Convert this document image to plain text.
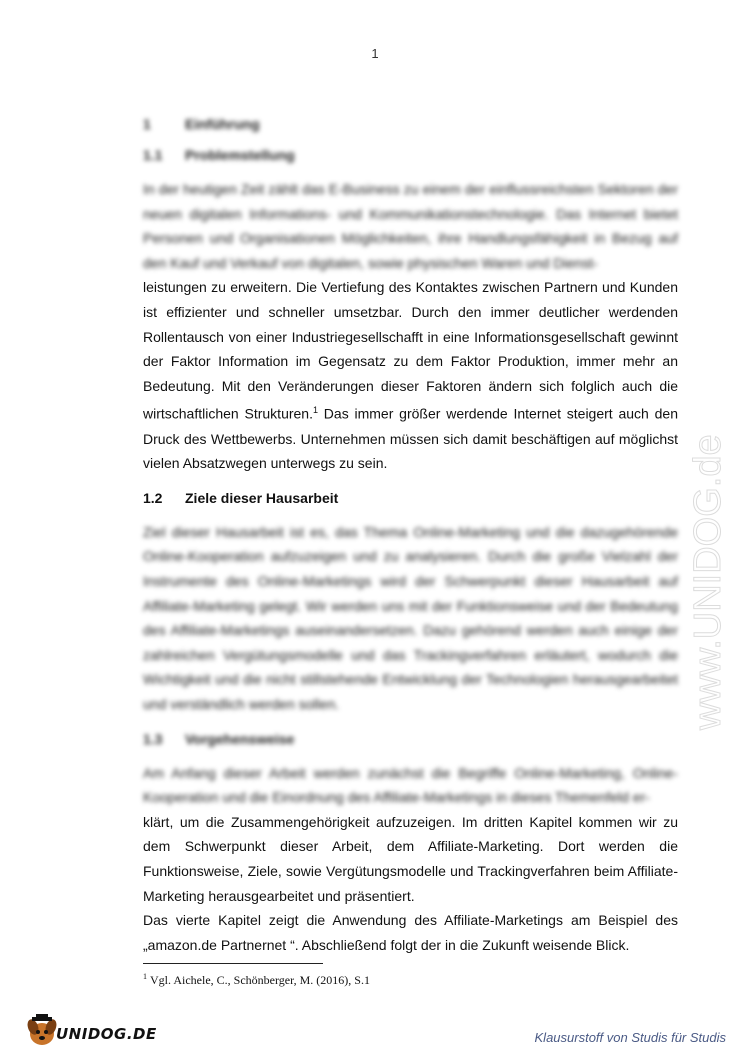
1
1	Einführung
1.1	Problemstellung

In der heutigen Zeit zählt das E-Business zu einem der einflussreichsten Sektoren der neuen digitalen Informations- und Kommunikationstechnologie. Das Internet bietet Personen und Organisationen Möglichkeiten, ihre Handlungsfähigkeit in Bezug auf den Kauf und Verkauf von digitalen, sowie physischen Waren und Dienst-

leistungen zu erweitern. Die Vertiefung des Kontaktes zwischen Partnern und Kunden ist effizienter und schneller umsetzbar. Durch den immer deutlicher werdenden Rollentausch von einer Industriegesellschafft in eine Informationsgesellschaft gewinnt der Faktor Information im Gegensatz zu dem Faktor Produktion, immer mehr an Bedeutung. Mit den Veränderungen dieser Faktoren ändern sich folglich auch die wirtschaftlichen Strukturen.$^1$ Das immer größer werdende Internet steigert auch den Druck des Wettbewerbs. Unternehmen müssen sich damit beschäftigen auf möglichst vielen Absatzwegen unterwegs zu sein.

1.2	Ziele dieser Hausarbeit

Ziel dieser Hausarbeit ist es, das Thema Online-Marketing und die dazugehörende Online-Kooperation aufzuzeigen und zu analysieren. Durch die große Vielzahl der Instrumente des Online-Marketings wird der Schwerpunkt dieser Hausarbeit auf Affiliate-Marketing gelegt. Wir werden uns mit der Funktionsweise und der Bedeutung des Affiliate-Marketings auseinandersetzen. Dazu gehörend werden auch einige der zahlreichen Vergütungsmodelle und das Trackingverfahren erläutert, wodurch die Wichtigkeit und die nicht stillstehende Entwicklung der Technologien herausgearbeitet und verständlich werden sollen.

1.3	Vorgehensweise

Am Anfang dieser Arbeit werden zunächst die Begriffe Online-Marketing, Online-Kooperation und die Einordnung des Affiliate-Marketings in dieses Themenfeld er-

klärt, um die Zusammengehörigkeit aufzuzeigen. Im dritten Kapitel kommen wir zu dem Schwerpunkt dieser Arbeit, dem Affiliate-Marketing. Dort werden die Funktionsweise, Ziele, sowie Vergütungsmodelle und Trackingverfahren beim Affiliate-Marketing herausgearbeitet und präsentiert.

Das vierte Kapitel zeigt die Anwendung des Affiliate-Marketings am Beispiel des „amazon.de Partnernet “. Abschließend folgt der in die Zukunft weisende Blick.

www.UNIDOG.de
$^1$ Vgl. Aichele, C., Schönberger, M. (2016), S.1
UNIDOG.DE	Klausurstoff von Studis für Studis
